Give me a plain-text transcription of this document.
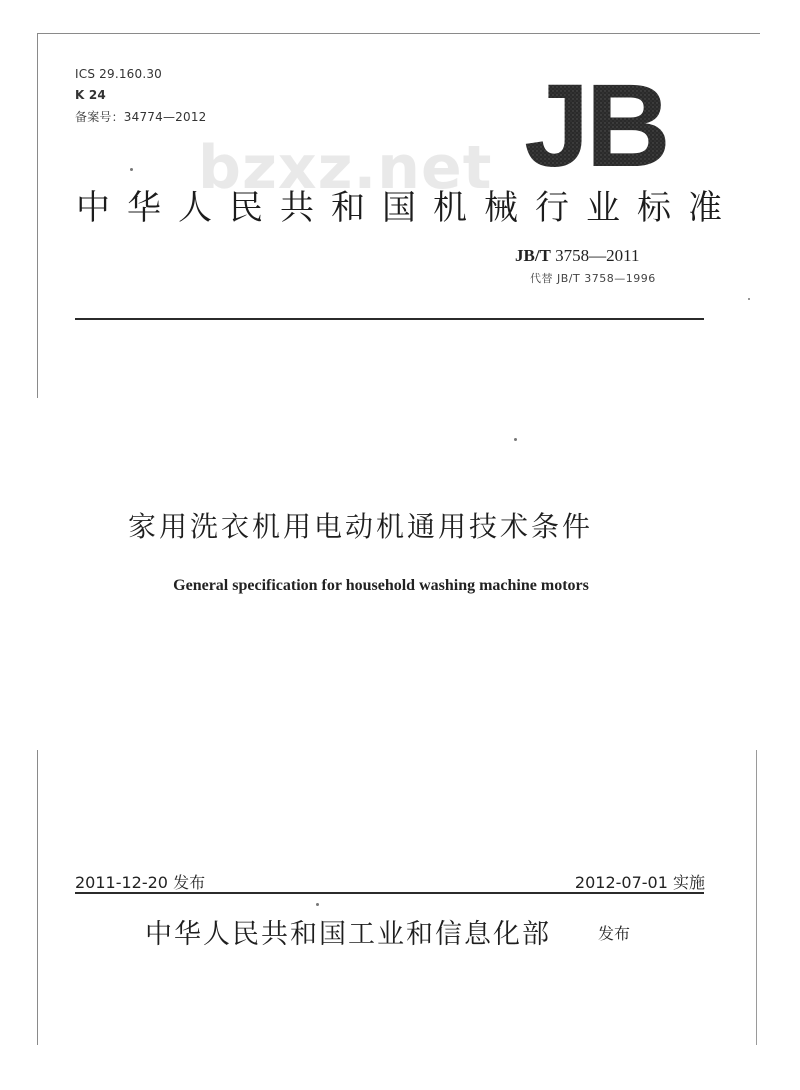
ICS 29.160.30
K 24
备案号：34774—2012	JB
bzxz.net
中华人民共和国机械行业标准
JB/T 3758—2011
代替 JB/T 3758—1996
家用洗衣机用电动机通用技术条件
General specification for household washing machine motors
2011-12-20 发布	2012-07-01 实施
中华人民共和国工业和信息化部	发布
